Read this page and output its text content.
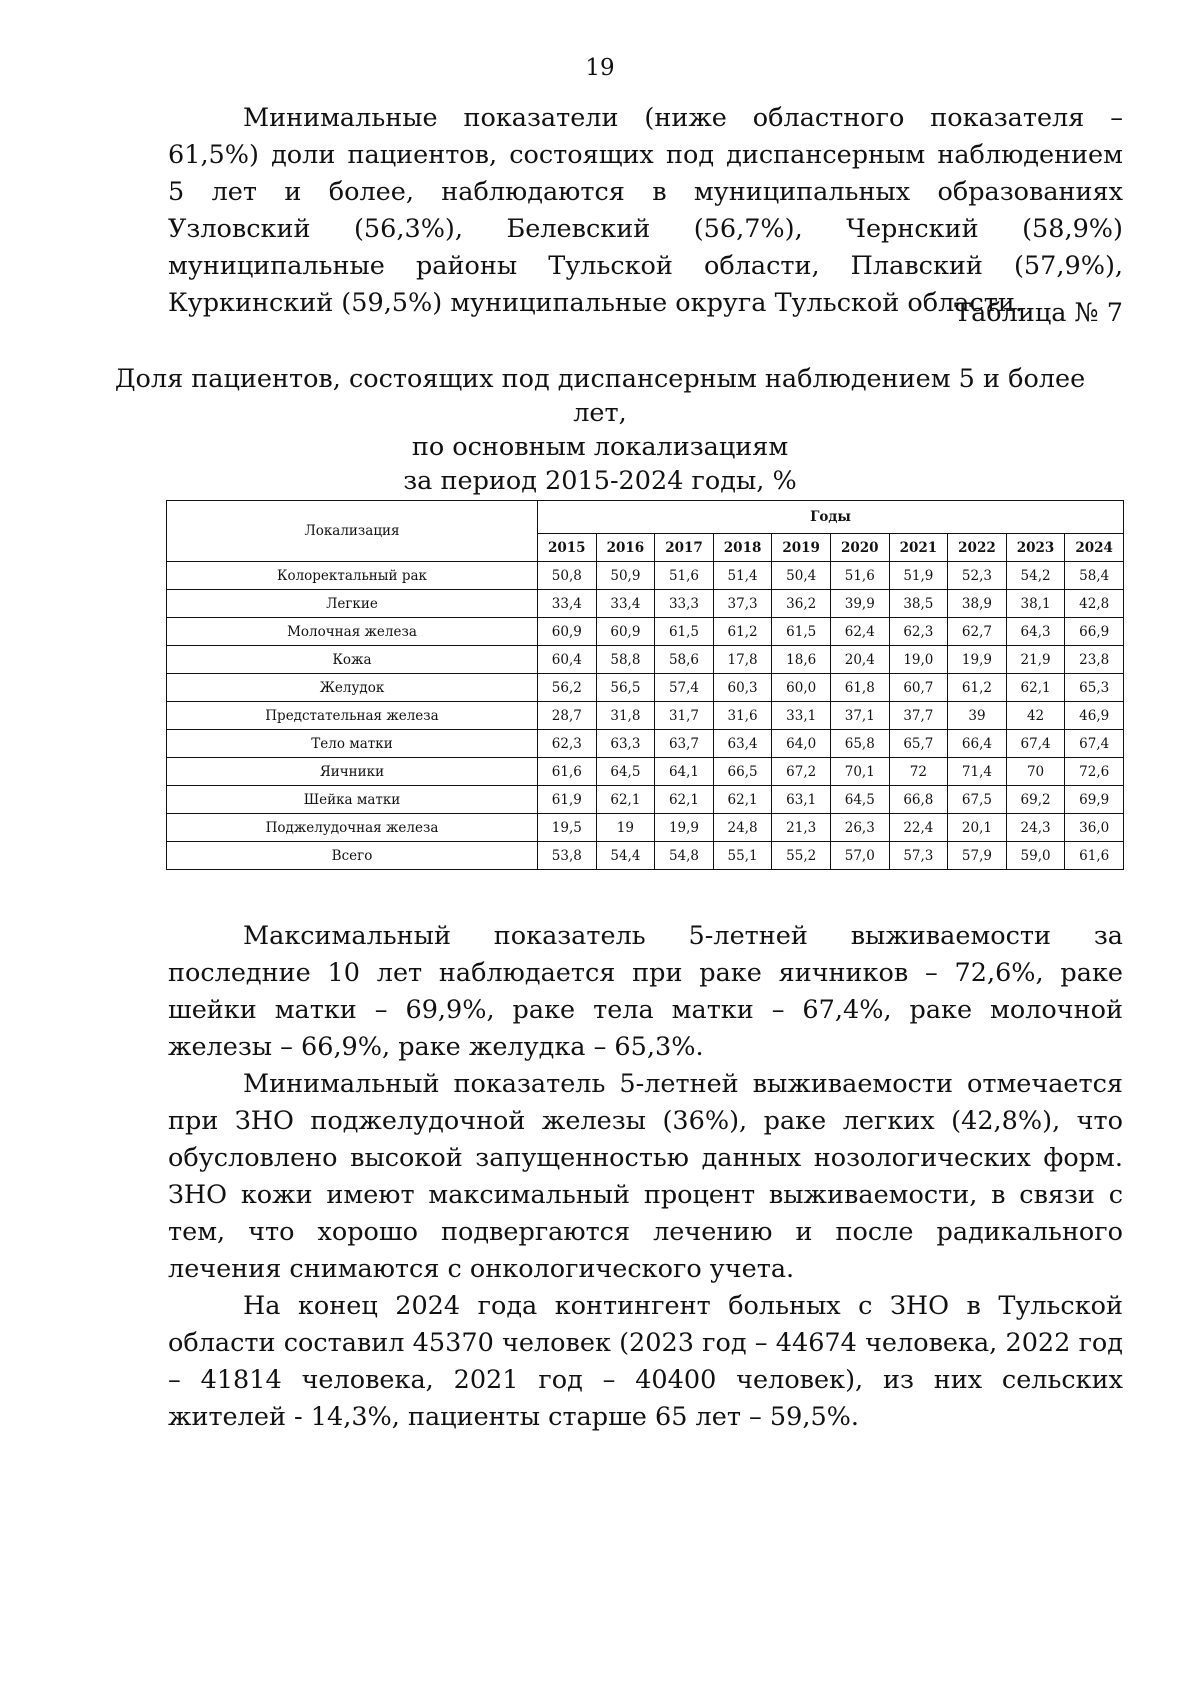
19

Минимальные показатели (ниже областного показателя – 61,5%) доли пациентов, состоящих под диспансерным наблюдением 5 лет и более, наблюдаются в муниципальных образованиях Узловский (56,3%), Белевский (56,7%), Чернский (58,9%) муниципальные районы Тульской области, Плавский (57,9%), Куркинский (59,5%) муниципальные округа Тульской области.

Таблица № 7
Доля пациентов, состоящих под диспансерным наблюдением 5 и более лет,
по основным локализациям
за период 2015-2024 годы, %
Локализация	Годы									
	2015	2016	2017	2018	2019	2020	2021	2022	2023	2024
Колоректальный рак	50,8	50,9	51,6	51,4	50,4	51,6	51,9	52,3	54,2	58,4
Легкие	33,4	33,4	33,3	37,3	36,2	39,9	38,5	38,9	38,1	42,8
Молочная железа	60,9	60,9	61,5	61,2	61,5	62,4	62,3	62,7	64,3	66,9
Кожа	60,4	58,8	58,6	17,8	18,6	20,4	19,0	19,9	21,9	23,8
Желудок	56,2	56,5	57,4	60,3	60,0	61,8	60,7	61,2	62,1	65,3
Предстательная железа	28,7	31,8	31,7	31,6	33,1	37,1	37,7	39	42	46,9
Тело матки	62,3	63,3	63,7	63,4	64,0	65,8	65,7	66,4	67,4	67,4
Яичники	61,6	64,5	64,1	66,5	67,2	70,1	72	71,4	70	72,6
Шейка матки	61,9	62,1	62,1	62,1	63,1	64,5	66,8	67,5	69,2	69,9
Поджелудочная железа	19,5	19	19,9	24,8	21,3	26,3	22,4	20,1	24,3	36,0
Всего	53,8	54,4	54,8	55,1	55,2	57,0	57,3	57,9	59,0	61,6

Максимальный показатель 5-летней выживаемости за последние 10 лет наблюдается при раке яичников – 72,6%, раке шейки матки – 69,9%, раке тела матки – 67,4%, раке молочной железы – 66,9%, раке желудка – 65,3%.

Минимальный показатель 5-летней выживаемости отмечается при ЗНО поджелудочной железы (36%), раке легких (42,8%), что обусловлено высокой запущенностью данных нозологических форм. ЗНО кожи имеют максимальный процент выживаемости, в связи с тем, что хорошо подвергаются лечению и после радикального лечения снимаются с онкологического учета.

На конец 2024 года контингент больных с ЗНО в Тульской области составил 45370 человек (2023 год – 44674 человека, 2022 год – 41814 человека, 2021 год – 40400 человек), из них сельских жителей - 14,3%, пациенты старше 65 лет – 59,5%.
